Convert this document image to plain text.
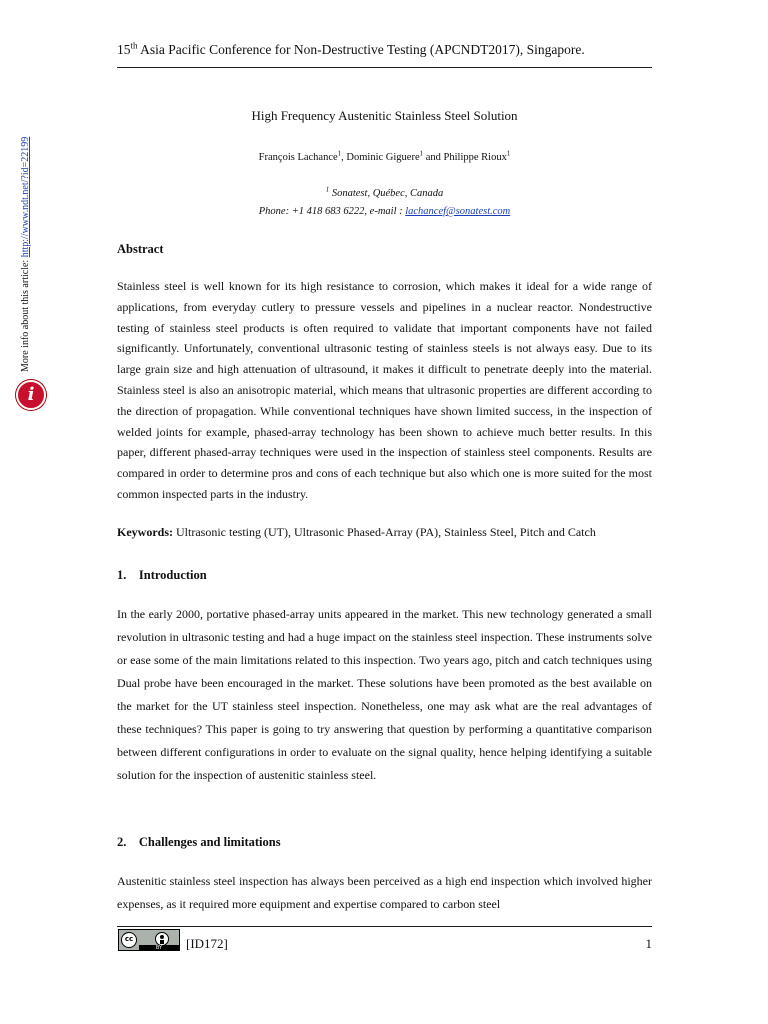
15th Asia Pacific Conference for Non-Destructive Testing (APCNDT2017), Singapore.
More info about this article: http://www.ndt.net/?id=22199
i
High Frequency Austenitic Stainless Steel Solution
François Lachance$^1$, Dominic Giguere$^1$ and Philippe Rioux$^1$
$^1$ Sonatest, Québec, Canada
Phone: +1 418 683 6222, e-mail : lachancef@sonatest.com
Abstract

Stainless steel is well known for its high resistance to corrosion, which makes it ideal for a wide range of applications, from everyday cutlery to pressure vessels and pipelines in a nuclear reactor. Nondestructive testing of stainless steel products is often required to validate that important components have not failed significantly. Unfortunately, conventional ultrasonic testing of stainless steels is not always easy. Due to its large grain size and high attenuation of ultrasound, it makes it difficult to penetrate deeply into the material. Stainless steel is also an anisotropic material, which means that ultrasonic properties are different according to the direction of propagation. While conventional techniques have shown limited success, in the inspection of welded joints for example, phased-array technology has been shown to achieve much better results. In this paper, different phased-array techniques were used in the inspection of stainless steel components. Results are compared in order to determine pros and cons of each technique but also which one is more suited for the most common inspected parts in the industry.

Keywords: Ultrasonic testing (UT), Ultrasonic Phased-Array (PA), Stainless Steel, Pitch and Catch

1.    Introduction

In the early 2000, portative phased-array units appeared in the market. This new technology generated a small revolution in ultrasonic testing and had a huge impact on the stainless steel inspection. These instruments solve or ease some of the main limitations related to this inspection. Two years ago, pitch and catch techniques using Dual probe have been encouraged in the market. These solutions have been promoted as the best available on the market for the UT stainless steel inspection. Nonetheless, one may ask what are the real advantages of these techniques? This paper is going to try answering that question by performing a quantitative comparison between different configurations in order to evaluate on the signal quality, hence helping identifying a suitable solution for the inspection of austenitic stainless steel.

2.    Challenges and limitations

Austenitic stainless steel inspection has always been perceived as a high end inspection which involved higher expenses, as it required more equipment and expertise compared to carbon steel

cc
BY	[ID172]	1
